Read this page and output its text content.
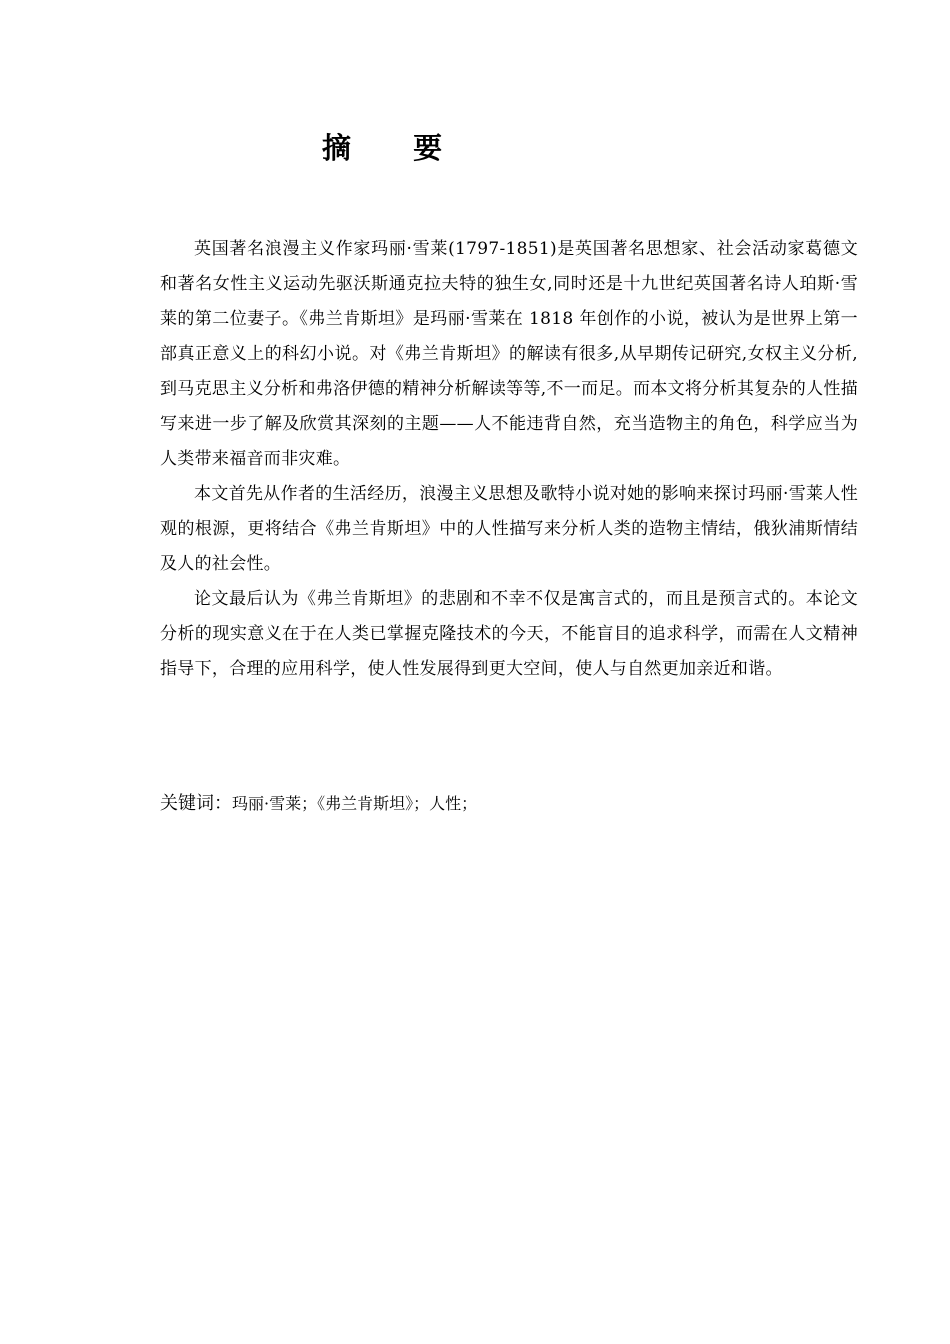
摘 要

英国著名浪漫主义作家玛丽·雪莱(1797-1851)是英国著名思想家、社会活动家葛德文和著名女性主义运动先驱沃斯通克拉夫特的独生女,同时还是十九世纪英国著名诗人珀斯·雪莱的第二位妻子。《弗兰肯斯坦》是玛丽·雪莱在 1818 年创作的小说，被认为是世界上第一部真正意义上的科幻小说。对《弗兰肯斯坦》的解读有很多,从早期传记研究,女权主义分析,到马克思主义分析和弗洛伊德的精神分析解读等等,不一而足。而本文将分析其复杂的人性描写来进一步了解及欣赏其深刻的主题——人不能违背自然，充当造物主的角色，科学应当为人类带来福音而非灾难。

本文首先从作者的生活经历，浪漫主义思想及歌特小说对她的影响来探讨玛丽·雪莱人性观的根源，更将结合《弗兰肯斯坦》中的人性描写来分析人类的造物主情结，俄狄浦斯情结及人的社会性。

论文最后认为《弗兰肯斯坦》的悲剧和不幸不仅是寓言式的，而且是预言式的。本论文分析的现实意义在于在人类已掌握克隆技术的今天，不能盲目的追求科学，而需在人文精神指导下，合理的应用科学，使人性发展得到更大空间，使人与自然更加亲近和谐。

关键词：玛丽·雪莱；《弗兰肯斯坦》；人性；
